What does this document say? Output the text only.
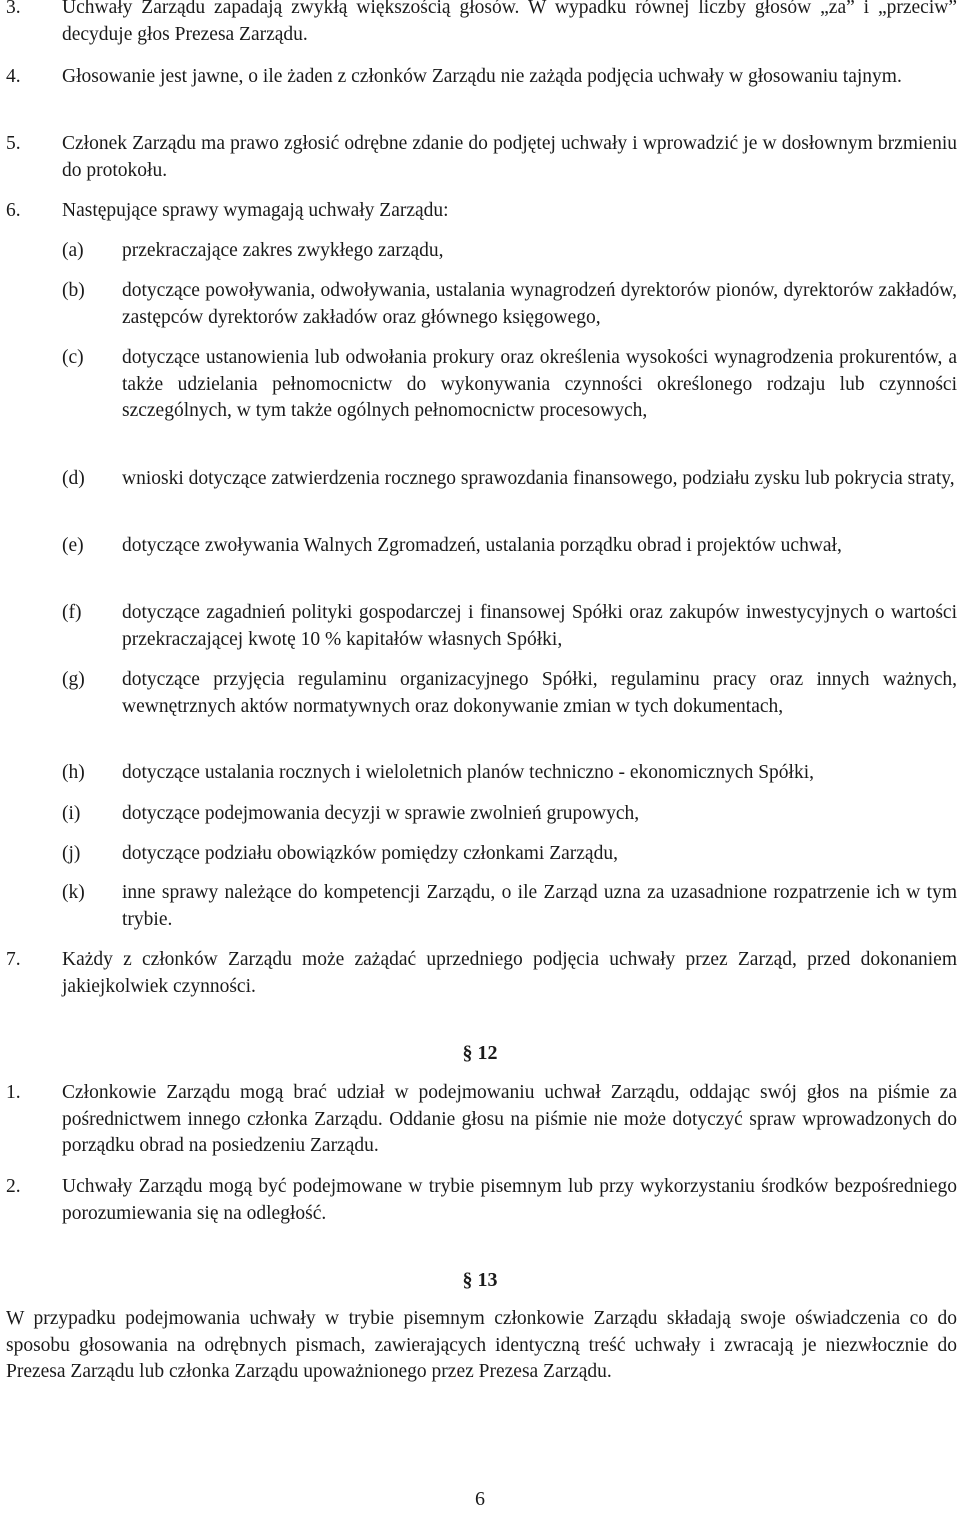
3. Uchwały Zarządu zapadają zwykłą większością głosów. W wypadku równej liczby głosów „za” i „przeciw” decyduje głos Prezesa Zarządu.
4. Głosowanie jest jawne, o ile żaden z członków Zarządu nie zażąda podjęcia uchwały w głosowaniu tajnym.
5. Członek Zarządu ma prawo zgłosić odrębne zdanie do podjętej uchwały i wprowadzić je w dosłownym brzmieniu do protokołu.
6. Następujące sprawy wymagają uchwały Zarządu:
(a) przekraczające zakres zwykłego zarządu,
(b) dotyczące powoływania, odwoływania, ustalania wynagrodzeń dyrektorów pionów, dyrektorów zakładów, zastępców dyrektorów zakładów oraz głównego księgowego,
(c) dotyczące ustanowienia lub odwołania prokury oraz określenia wysokości wynagrodzenia prokurentów, a także udzielania pełnomocnictw do wykonywania czynności określonego rodzaju lub czynności szczególnych, w tym także ogólnych pełnomocnictw procesowych,
(d) wnioski dotyczące zatwierdzenia rocznego sprawozdania finansowego, podziału zysku lub pokrycia straty,
(e) dotyczące zwoływania Walnych Zgromadzeń, ustalania porządku obrad i projektów uchwał,
(f) dotyczące zagadnień polityki gospodarczej i finansowej Spółki oraz zakupów inwestycyjnych o wartości przekraczającej kwotę 10 % kapitałów własnych Spółki,
(g) dotyczące przyjęcia regulaminu organizacyjnego Spółki, regulaminu pracy oraz innych ważnych, wewnętrznych aktów normatywnych oraz dokonywanie zmian w tych dokumentach,
(h) dotyczące ustalania rocznych i wieloletnich planów techniczno - ekonomicznych Spółki,
(i) dotyczące podejmowania decyzji w sprawie zwolnień grupowych,
(j) dotyczące podziału obowiązków pomiędzy członkami Zarządu,
(k) inne sprawy należące do kompetencji Zarządu, o ile Zarząd uzna za uzasadnione rozpatrzenie ich w tym trybie.
7. Każdy z członków Zarządu może zażądać uprzedniego podjęcia uchwały przez Zarząd, przed dokonaniem jakiejkolwiek czynności.
§ 12
1. Członkowie Zarządu mogą brać udział w podejmowaniu uchwał Zarządu, oddając swój głos na piśmie za pośrednictwem innego członka Zarządu. Oddanie głosu na piśmie nie może dotyczyć spraw wprowadzonych do porządku obrad na posiedzeniu Zarządu.
2. Uchwały Zarządu mogą być podejmowane w trybie pisemnym lub przy wykorzystaniu środków bezpośredniego porozumiewania się na odległość.
§ 13
W przypadku podejmowania uchwały w trybie pisemnym członkowie Zarządu składają swoje oświadczenia co do sposobu głosowania na odrębnych pismach, zawierających identyczną treść uchwały i zwracają je niezwłocznie do Prezesa Zarządu lub członka Zarządu upoważnionego przez Prezesa Zarządu.
6
